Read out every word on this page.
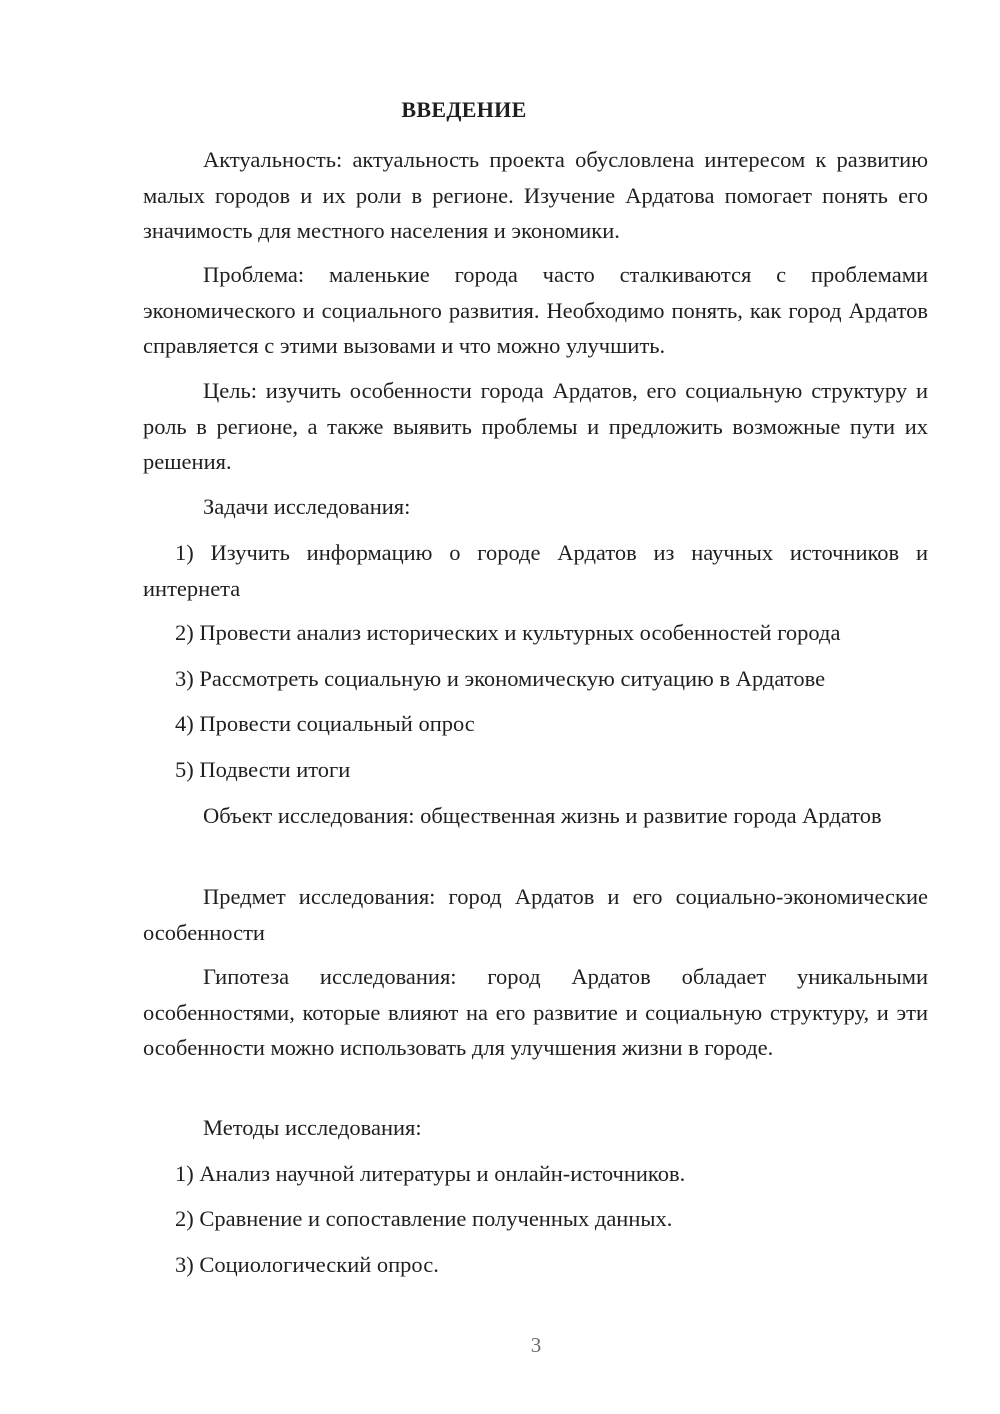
ВВЕДЕНИЕ

Актуальность: актуальность проекта обусловлена интересом к развитию малых городов и их роли в регионе. Изучение Ардатова помогает понять его значимость для местного населения и экономики.

Проблема: маленькие города часто сталкиваются с проблемами экономического и социального развития. Необходимо понять, как город Ардатов справляется с этими вызовами и что можно улучшить.

Цель: изучить особенности города Ардатов, его социальную структуру и роль в регионе, а также выявить проблемы и предложить возможные пути их решения.

Задачи исследования:

1) Изучить информацию о городе Ардатов из научных источников и интернета

2) Провести анализ исторических и культурных особенностей города

3) Рассмотреть социальную и экономическую ситуацию в Ардатове

4) Провести социальный опрос

5) Подвести итоги

Объект исследования: общественная жизнь и развитие города Ардатов

Предмет исследования: город Ардатов и его социально-экономические особенности

Гипотеза исследования: город Ардатов обладает уникальными особенностями, которые влияют на его развитие и социальную структуру, и эти особенности можно использовать для улучшения жизни в городе.

Методы исследования:

1) Анализ научной литературы и онлайн-источников.

2) Сравнение и сопоставление полученных данных.

3) Социологический опрос.

3
